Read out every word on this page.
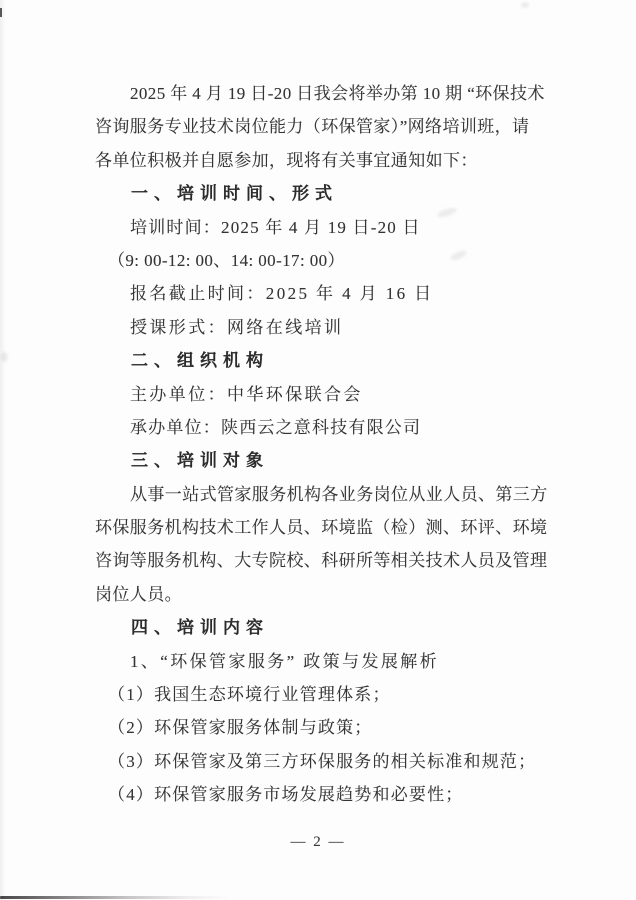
2025 年 4 月 19 日-20 日我会将举办第 10 期 “环保技术
咨询服务专业技术岗位能力（环保管家）”网络培训班，请
各单位积极并自愿参加，现将有关事宜通知如下：
一、培训时间、形式
培训时间：2025 年 4 月 19 日-20 日
（9: 00-12: 00、14: 00-17: 00）
报名截止时间：2025 年 4 月 16 日
授课形式：网络在线培训
二、组织机构
主办单位：中华环保联合会
承办单位：陕西云之意科技有限公司
三、培训对象
从事一站式管家服务机构各业务岗位从业人员、第三方
环保服务机构技术工作人员、环境监（检）测、环评、环境
咨询等服务机构、大专院校、科研所等相关技术人员及管理
岗位人员。
四、培训内容
1、“环保管家服务” 政策与发展解析
（1）我国生态环境行业管理体系；
（2）环保管家服务体制与政策；
（3）环保管家及第三方环保服务的相关标准和规范；
（4）环保管家服务市场发展趋势和必要性；
— 2 —
